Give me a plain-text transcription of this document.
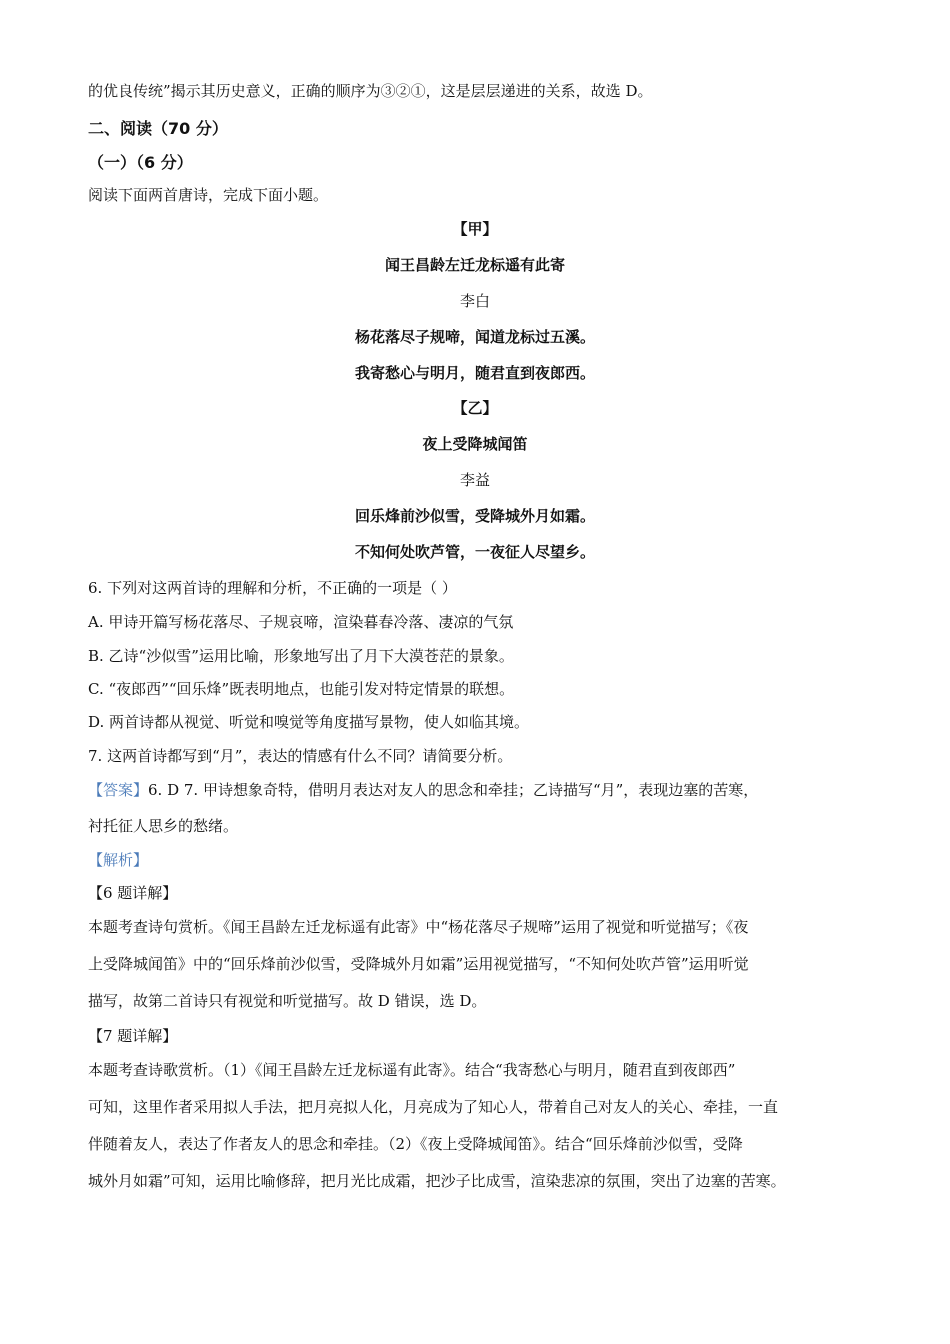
的优良传统”揭示其历史意义，正确的顺序为③②①，这是层层递进的关系，故选 D。
二、阅读（70 分）
（一）（6 分）
阅读下面两首唐诗，完成下面小题。
【甲】
闻王昌龄左迁龙标遥有此寄
李白
杨花落尽子规啼，闻道龙标过五溪。
我寄愁心与明月，随君直到夜郎西。
【乙】
夜上受降城闻笛
李益
回乐烽前沙似雪，受降城外月如霜。
不知何处吹芦管，一夜征人尽望乡。
6. 下列对这两首诗的理解和分析，不正确的一项是（ ）
A. 甲诗开篇写杨花落尽、子规哀啼，渲染暮春冷落、凄凉的气氛
B. 乙诗“沙似雪”运用比喻，形象地写出了月下大漠苍茫的景象。
C. “夜郎西”“回乐烽”既表明地点，也能引发对特定情景的联想。
D. 两首诗都从视觉、听觉和嗅觉等角度描写景物，使人如临其境。
7. 这两首诗都写到“月”，表达的情感有什么不同？请简要分析。
【答案】6. D 7. 甲诗想象奇特，借明月表达对友人的思念和牵挂；乙诗描写“月”，表现边塞的苦寒，
衬托征人思乡的愁绪。
【解析】
【6 题详解】
本题考查诗句赏析。《闻王昌龄左迁龙标遥有此寄》中“杨花落尽子规啼”运用了视觉和听觉描写；《夜
上受降城闻笛》中的“回乐烽前沙似雪，受降城外月如霜”运用视觉描写，“不知何处吹芦管”运用听觉
描写，故第二首诗只有视觉和听觉描写。故 D 错误，选 D。
【7 题详解】
本题考查诗歌赏析。（1）《闻王昌龄左迁龙标遥有此寄》。结合“我寄愁心与明月，随君直到夜郎西”
可知，这里作者采用拟人手法，把月亮拟人化，月亮成为了知心人，带着自己对友人的关心、牵挂，一直
伴随着友人，表达了作者友人的思念和牵挂。（2）《夜上受降城闻笛》。结合“回乐烽前沙似雪，受降
城外月如霜”可知，运用比喻修辞，把月光比成霜，把沙子比成雪，渲染悲凉的氛围，突出了边塞的苦寒。
